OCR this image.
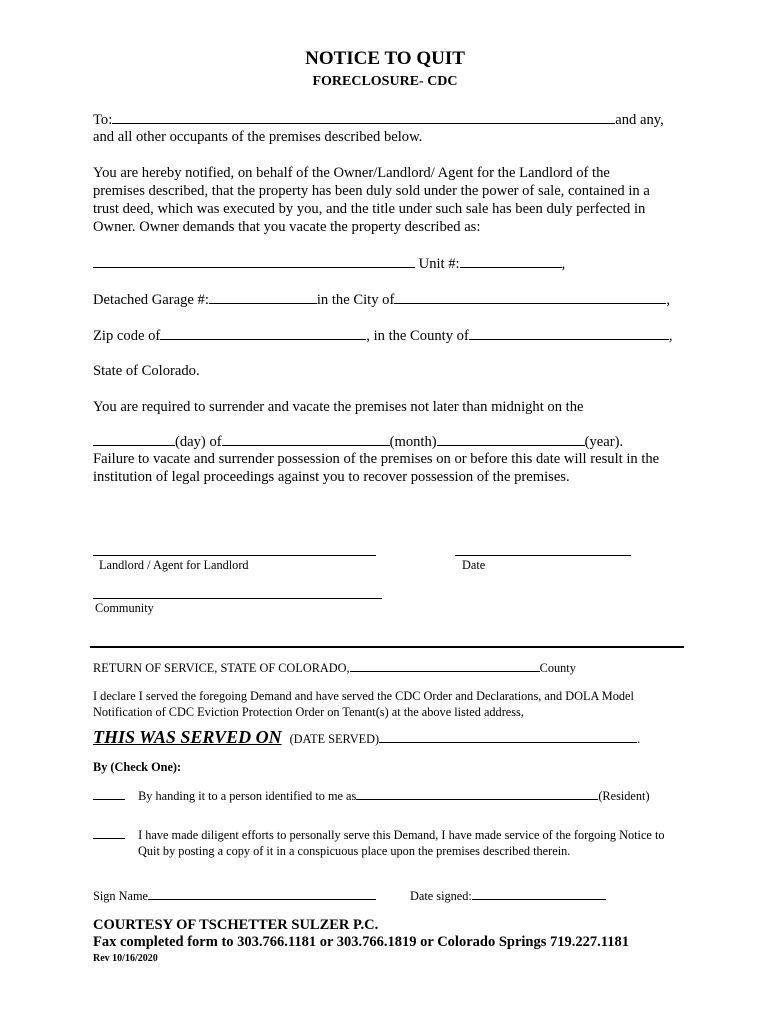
NOTICE TO QUIT
FORECLOSURE- CDC
To:	and any,
and all other occupants of the premises described below.
You are hereby notified, on behalf of the Owner/Landlord/ Agent for the Landlord of the
premises described, that the property has been duly sold under the power of sale, contained in a
trust deed, which was executed by you, and the title under such sale has been duly perfected in
Owner. Owner demands that you vacate the property described as:
Unit #:	,
Detached Garage #:	in the City of	,
Zip code of	, in the County of	,
State of Colorado.
You are required to surrender and vacate the premises not later than midnight on the
(day) of	(month)	(year).
Failure to vacate and surrender possession of the premises on or before this date will result in the
institution of legal proceedings against you to recover possession of the premises.
Landlord / Agent for Landlord	Date
Community
RETURN OF SERVICE, STATE OF COLORADO,	County
I declare I served the foregoing Demand and have served the CDC Order and Declarations, and DOLA Model
Notification of CDC Eviction Protection Order on Tenant(s) at the above listed address,
THIS WAS SERVED ON (DATE SERVED)	.
By (Check One):
By handing it to a person identified to me as	(Resident)
I have made diligent efforts to personally serve this Demand, I have made service of the forgoing Notice to
Quit by posting a copy of it in a conspicuous place upon the premises described therein.
Sign Name	Date signed:
COURTESY OF TSCHETTER SULZER P.C.
Fax completed form to 303.766.1181 or 303.766.1819 or Colorado Springs 719.227.1181
Rev 10/16/2020
